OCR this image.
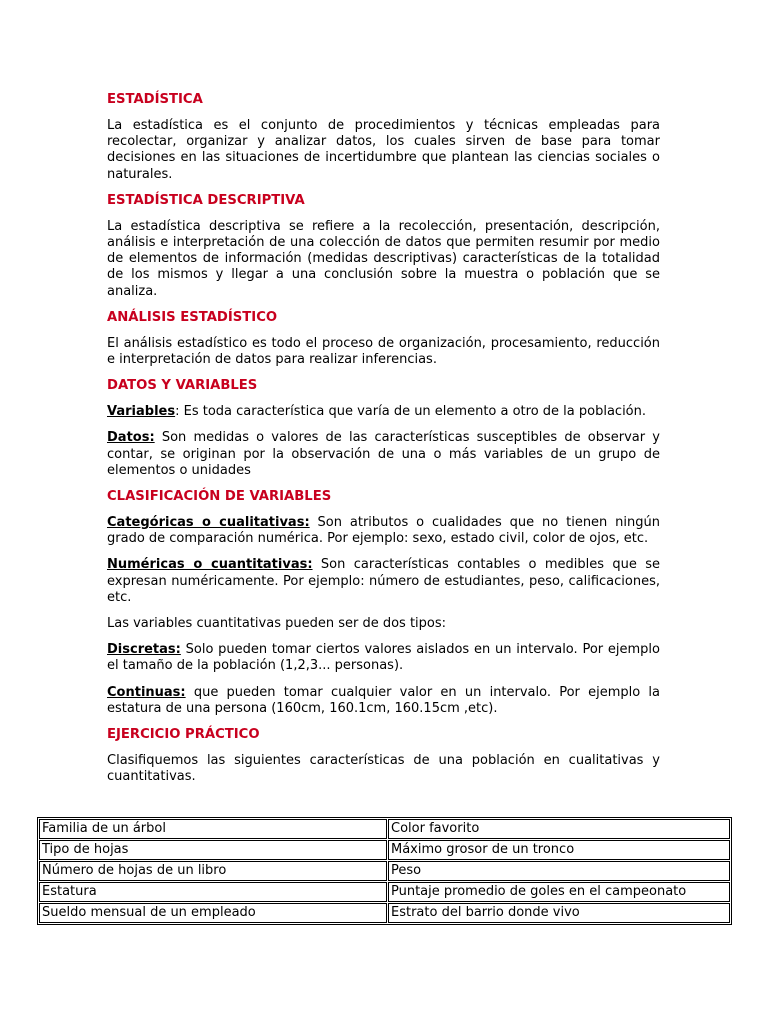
ESTADÍSTICA

La estadística es el conjunto de procedimientos y técnicas empleadas para recolectar, organizar y analizar datos, los cuales sirven de base para tomar decisiones en las situaciones de incertidumbre que plantean las ciencias sociales o naturales.

ESTADÍSTICA DESCRIPTIVA

La estadística descriptiva se refiere a la recolección, presentación, descripción, análisis e interpretación de una colección de datos que permiten resumir por medio de elementos de información (medidas descriptivas) características de la totalidad de los mismos y llegar a una conclusión sobre la muestra o población que se analiza.

ANÁLISIS ESTADÍSTICO

El análisis estadístico es todo el proceso de organización, procesamiento, reducción e interpretación de datos para realizar inferencias.

DATOS Y VARIABLES

Variables: Es toda característica que varía de un elemento a otro de la población.

Datos: Son medidas o valores de las características susceptibles de observar y contar, se originan por la observación de una o más variables de un grupo de elementos o unidades

CLASIFICACIÓN DE VARIABLES

Categóricas o cualitativas: Son atributos o cualidades que no tienen ningún grado de comparación numérica. Por ejemplo: sexo, estado civil, color de ojos, etc.

Numéricas o cuantitativas: Son características contables o medibles que se expresan numéricamente. Por ejemplo: número de estudiantes, peso, calificaciones, etc.

Las variables cuantitativas pueden ser de dos tipos:

Discretas: Solo pueden tomar ciertos valores aislados en un intervalo. Por ejemplo el tamaño de la población (1,2,3... personas).

Continuas: que pueden tomar cualquier valor en un intervalo. Por ejemplo la estatura de una persona (160cm, 160.1cm, 160.15cm ,etc).

EJERCICIO PRÁCTICO

Clasifiquemos las siguientes características de una población en cualitativas y cuantitativas.

Familia de un árbol	Color favorito
Tipo de hojas	Máximo grosor de un tronco
Número de hojas de un libro	Peso
Estatura	Puntaje promedio de goles en el campeonato
Sueldo mensual de un empleado	Estrato del barrio donde vivo
